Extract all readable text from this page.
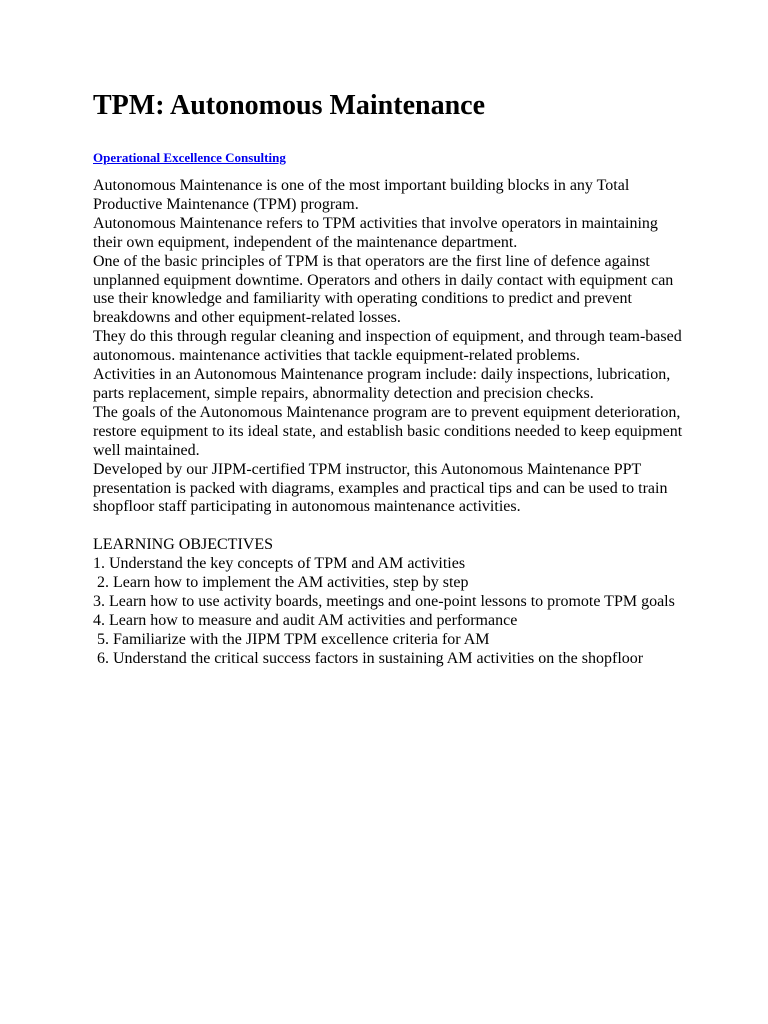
TPM: Autonomous Maintenance
Operational Excellence Consulting

Autonomous Maintenance is one of the most important building blocks in any Total Productive Maintenance (TPM) program.

Autonomous Maintenance refers to TPM activities that involve operators in maintaining their own equipment, independent of the maintenance department.

One of the basic principles of TPM is that operators are the first line of defence against unplanned equipment downtime. Operators and others in daily contact with equipment can use their knowledge and familiarity with operating conditions to predict and prevent breakdowns and other equipment-related losses.

They do this through regular cleaning and inspection of equipment, and through team-based autonomous. maintenance activities that tackle equipment-related problems.

Activities in an Autonomous Maintenance program include: daily inspections, lubrication, parts replacement, simple repairs, abnormality detection and precision checks.

The goals of the Autonomous Maintenance program are to prevent equipment deterioration, restore equipment to its ideal state, and establish basic conditions needed to keep equipment well maintained.

Developed by our JIPM-certified TPM instructor, this Autonomous Maintenance PPT presentation is packed with diagrams, examples and practical tips and can be used to train shopfloor staff participating in autonomous maintenance activities.

LEARNING OBJECTIVES

1. Understand the key concepts of TPM and AM activities

2. Learn how to implement the AM activities, step by step

3. Learn how to use activity boards, meetings and one-point lessons to promote TPM goals

4. Learn how to measure and audit AM activities and performance

5. Familiarize with the JIPM TPM excellence criteria for AM

6. Understand the critical success factors in sustaining AM activities on the shopfloor
